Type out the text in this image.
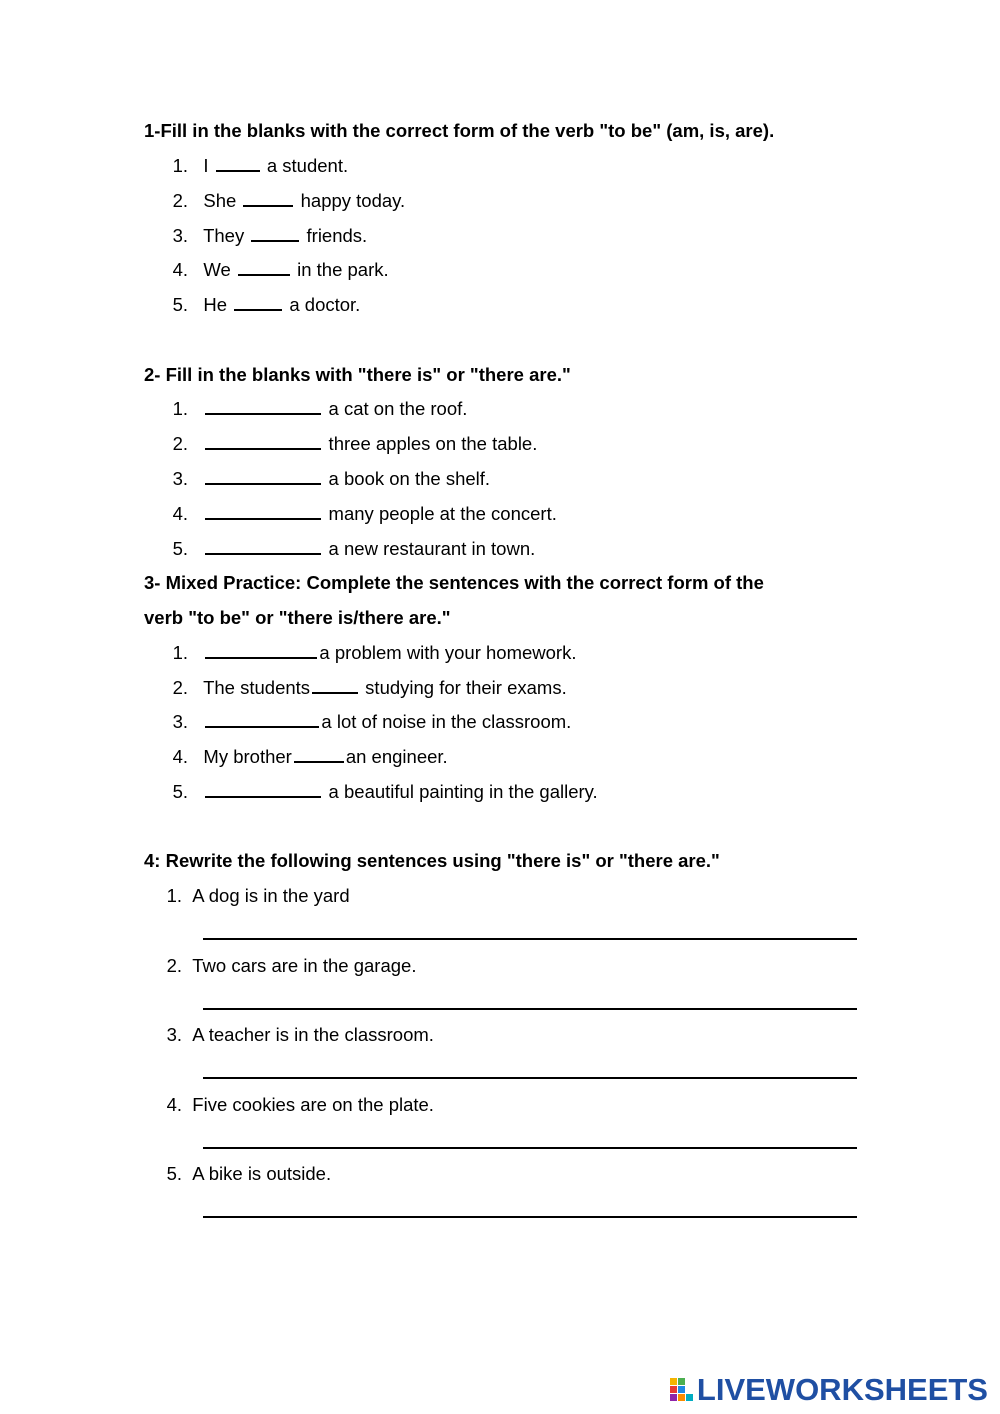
1-Fill in the blanks with the correct form of the verb "to be" (am, is, are).
1. I	a student.
2. She	happy today.
3. They	friends.
4. We	in the park.
5. He	a doctor.
2- Fill in the blanks with "there is" or "there are."
1.	a cat on the roof.
2.	three apples on the table.
3.	a book on the shelf.
4.	many people at the concert.
5.	a new restaurant in town.
3- Mixed Practice: Complete the sentences with the correct form of the
verb "to be" or "there is/there are."
1.	a problem with your homework.
2. The students	studying for their exams.
3.	a lot of noise in the classroom.
4. My brother	an engineer.
5.	a beautiful painting in the gallery.
4: Rewrite the following sentences using "there is" or "there are."
1. A dog is in the yard
2. Two cars are in the garage.
3. A teacher is in the classroom.
4. Five cookies are on the plate.
5. A bike is outside.
LIVEWORKSHEETS
